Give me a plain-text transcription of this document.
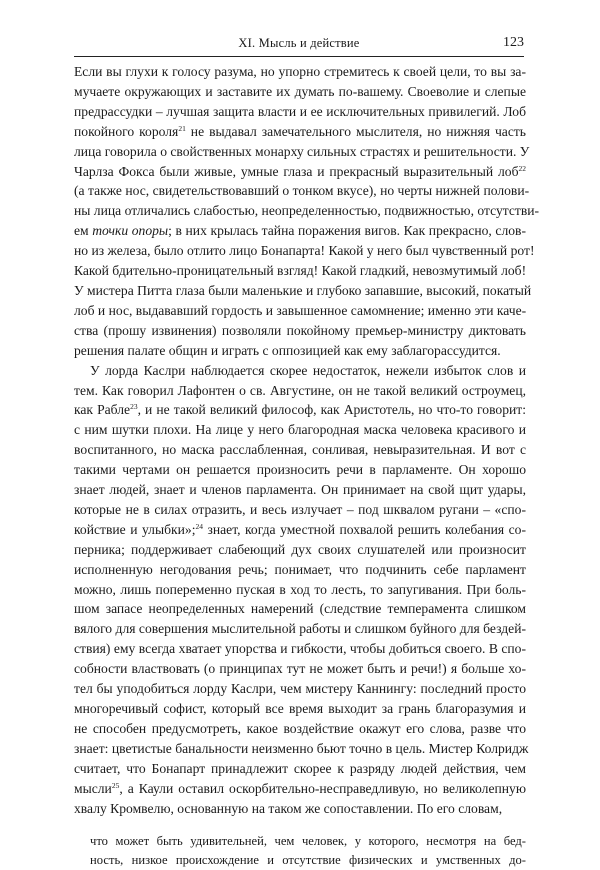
XI. Мысль и действие	123

Если вы глухи к голосу разума, но упорно стремитесь к своей цели, то вы за-
мучаете окружающих и заставите их думать по-вашему. Своеволие и слепые
предрассудки – лучшая защита власти и ее исключительных привилегий. Лоб
покойного короля$^{21}$ не выдавал замечательного мыслителя, но нижняя часть
лица говорила о свойственных монарху сильных страстях и решительности. У
Чарлза Фокса были живые, умные глаза и прекрасный выразительный лоб$^{22}$
(а также нос, свидетельствовавший о тонком вкусе), но черты нижней полови-
ны лица отличались слабостью, неопределенностью, подвижностью, отсутстви-
ем точки опоры; в них крылась тайна поражения вигов. Как прекрасно, слов-
но из железа, было отлито лицо Бонапарта! Какой у него был чувственный рот!
Какой бдительно-проницательный взгляд! Какой гладкий, невозмутимый лоб!
У мистера Питта глаза были маленькие и глубоко запавшие, высокий, покатый
лоб и нос, выдававший гордость и завышенное самомнение; именно эти каче-
ства (прошу извинения) позволяли покойному премьер-министру диктовать
решения палате общин и играть с оппозицией как ему заблагорассудится.

У лорда Каслри наблюдается скорее недостаток, нежели избыток слов и
тем. Как говорил Лафонтен о св. Августине, он не такой великий остроумец,
как Рабле$^{23}$, и не такой великий философ, как Аристотель, но что-то говорит:
с ним шутки плохи. На лице у него благородная маска человека красивого и
воспитанного, но маска расслабленная, сонливая, невыразительная. И вот с
такими чертами он решается произносить речи в парламенте. Он хорошо
знает людей, знает и членов парламента. Он принимает на свой щит удары,
которые не в силах отразить, и весь излучает – под шквалом ругани – «спо-
койствие и улыбки»;$^{24}$ знает, когда уместной похвалой решить колебания со-
перника; поддерживает слабеющий дух своих слушателей или произносит
исполненную негодования речь; понимает, что подчинить себе парламент
можно, лишь попеременно пуская в ход то лесть, то запугивания. При боль-
шом запасе неопределенных намерений (следствие темперамента слишком
вялого для совершения мыслительной работы и слишком буйного для бездей-
ствия) ему всегда хватает упорства и гибкости, чтобы добиться своего. В спо-
собности властвовать (о принципах тут не может быть и речи!) я больше хо-
тел бы уподобиться лорду Каслри, чем мистеру Каннингу: последний просто
многоречивый софист, который все время выходит за грань благоразумия и
не способен предусмотреть, какое воздействие окажут его слова, разве что
знает: цветистые банальности неизменно бьют точно в цель. Мистер Колридж
считает, что Бонапарт принадлежит скорее к разряду людей действия, чем
мысли$^{25}$, а Каули оставил оскорбительно-несправедливую, но великолепную
хвалу Кромвелю, основанную на таком же сопоставлении. По его словам,

что может быть удивительней, чем человек, у которого, несмотря на бед-
ность, низкое происхождение и отсутствие физических и умственных до-
